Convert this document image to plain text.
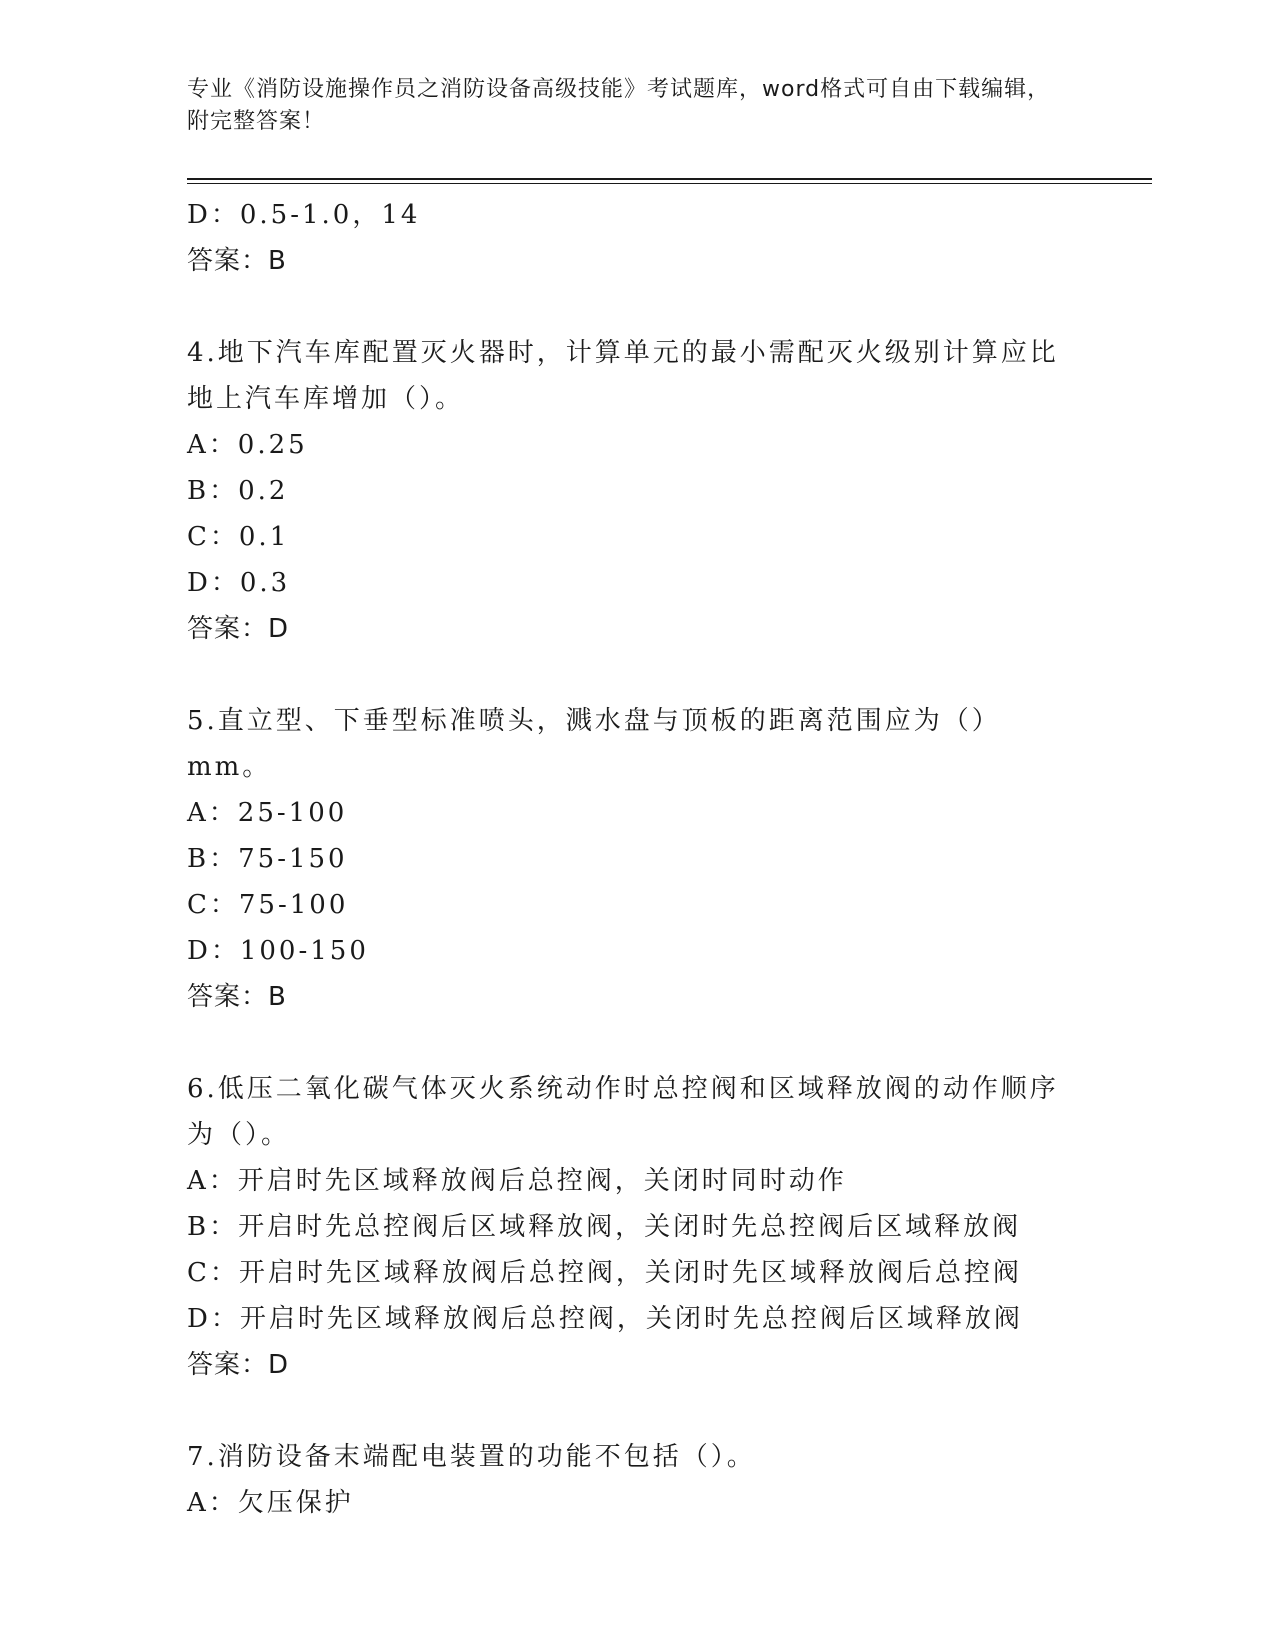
专业《消防设施操作员之消防设备高级技能》考试题库，word格式可自由下载编辑，附完整答案！
D：0.5-1.0，14
答案：B
4.地下汽车库配置灭火器时，计算单元的最小需配灭火级别计算应比地上汽车库增加（）。
A：0.25
B：0.2
C：0.1
D：0.3
答案：D
5.直立型、下垂型标准喷头，溅水盘与顶板的距离范围应为（）mm。
A：25-100
B：75-150
C：75-100
D：100-150
答案：B
6.低压二氧化碳气体灭火系统动作时总控阀和区域释放阀的动作顺序为（）。
A：开启时先区域释放阀后总控阀，关闭时同时动作
B：开启时先总控阀后区域释放阀，关闭时先总控阀后区域释放阀
C：开启时先区域释放阀后总控阀，关闭时先区域释放阀后总控阀
D：开启时先区域释放阀后总控阀，关闭时先总控阀后区域释放阀
答案：D
7.消防设备末端配电装置的功能不包括（）。
A：欠压保护
